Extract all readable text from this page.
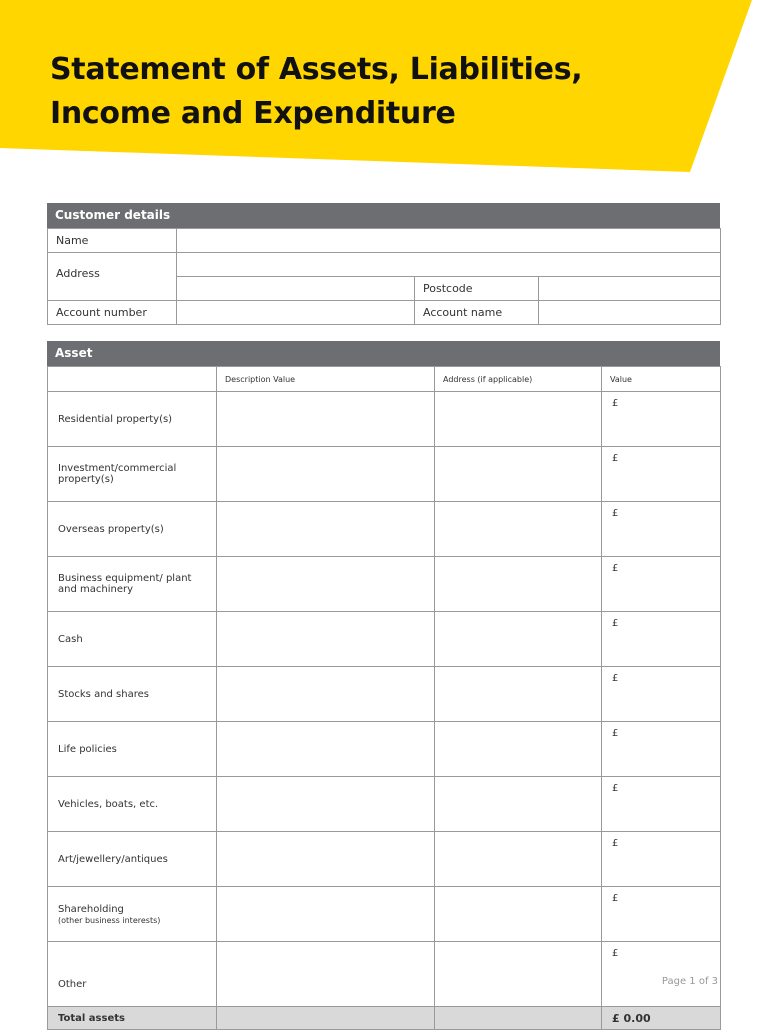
Statement of Assets, Liabilities,
Income and Expenditure
Customer details
Name			
Address			
		Postcode	
Account number		Account name	
Asset
	Description Value	Address (if applicable)	Value
Residential property(s)			£
Investment/commercial property(s)			£
Overseas property(s)			£
Business equipment/ plant and machinery			£
Cash			£
Stocks and shares			£
Life policies			£
Vehicles, boats, etc.			£
Art/jewellery/antiques			£
Shareholding
(other business interests)			£
Other			£
Total assets			£ 0.00
Page 1 of 3
